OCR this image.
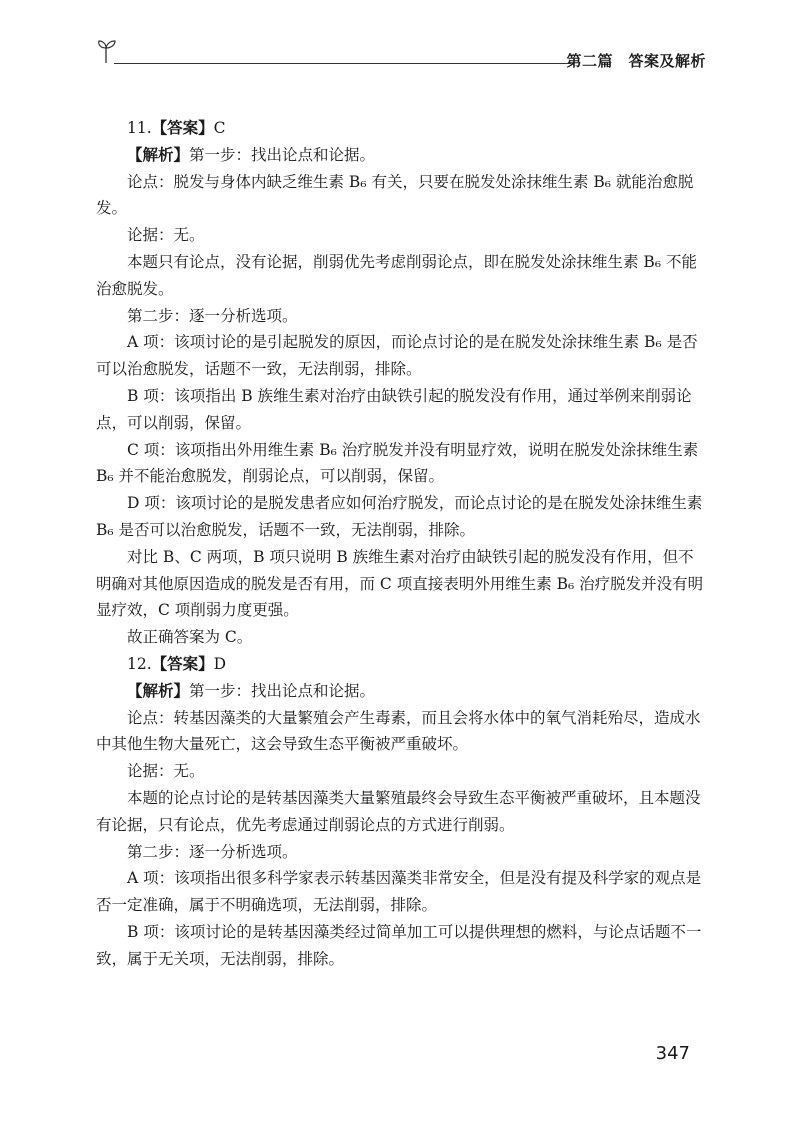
第二篇　答案及解析

11.【答案】C

【解析】第一步：找出论点和论据。

论点：脱发与身体内缺乏维生素 B₆ 有关，只要在脱发处涂抹维生素 B₆ 就能治愈脱发。

论据：无。

本题只有论点，没有论据，削弱优先考虑削弱论点，即在脱发处涂抹维生素 B₆ 不能治愈脱发。

第二步：逐一分析选项。

A 项：该项讨论的是引起脱发的原因，而论点讨论的是在脱发处涂抹维生素 B₆ 是否可以治愈脱发，话题不一致，无法削弱，排除。

B 项：该项指出 B 族维生素对治疗由缺铁引起的脱发没有作用，通过举例来削弱论点，可以削弱，保留。

C 项：该项指出外用维生素 B₆ 治疗脱发并没有明显疗效，说明在脱发处涂抹维生素 B₆ 并不能治愈脱发，削弱论点，可以削弱，保留。

D 项：该项讨论的是脱发患者应如何治疗脱发，而论点讨论的是在脱发处涂抹维生素 B₆ 是否可以治愈脱发，话题不一致，无法削弱，排除。

对比 B、C 两项，B 项只说明 B 族维生素对治疗由缺铁引起的脱发没有作用，但不明确对其他原因造成的脱发是否有用，而 C 项直接表明外用维生素 B₆ 治疗脱发并没有明显疗效，C 项削弱力度更强。

故正确答案为 C。

12.【答案】D

【解析】第一步：找出论点和论据。

论点：转基因藻类的大量繁殖会产生毒素，而且会将水体中的氧气消耗殆尽，造成水中其他生物大量死亡，这会导致生态平衡被严重破坏。

论据：无。

本题的论点讨论的是转基因藻类大量繁殖最终会导致生态平衡被严重破坏，且本题没有论据，只有论点，优先考虑通过削弱论点的方式进行削弱。

第二步：逐一分析选项。

A 项：该项指出很多科学家表示转基因藻类非常安全，但是没有提及科学家的观点是否一定准确，属于不明确选项，无法削弱，排除。

B 项：该项讨论的是转基因藻类经过简单加工可以提供理想的燃料，与论点话题不一致，属于无关项，无法削弱，排除。

347
